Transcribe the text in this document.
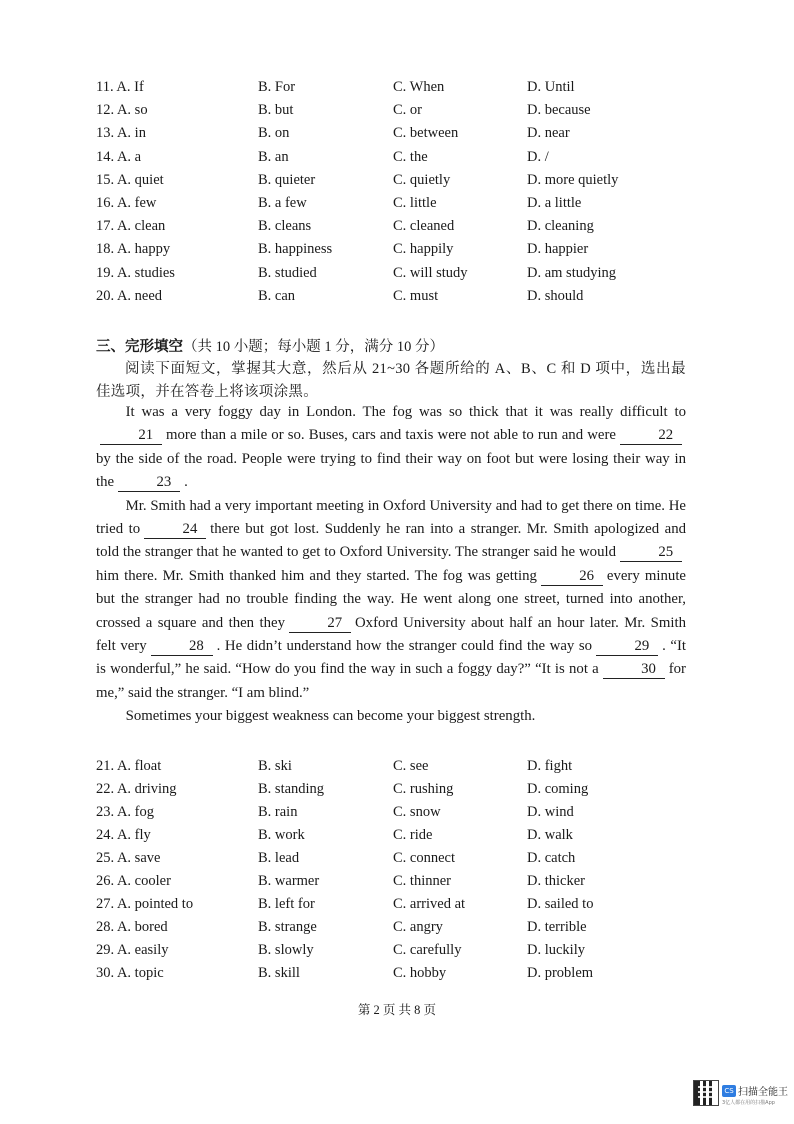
11. A. If	B. For	C. When	D. Until
12. A. so	B. but	C. or	D. because
13. A. in	B. on	C. between	D. near
14. A. a	B. an	C. the	D. /
15. A. quiet	B. quieter	C. quietly	D. more quietly
16. A. few	B. a few	C. little	D. a little
17. A. clean	B. cleans	C. cleaned	D. cleaning
18. A. happy	B. happiness	C. happily	D. happier
19. A. studies	B. studied	C. will study	D. am studying
20. A. need	B. can	C. must	D. should
三、完形填空（共 10 小题；每小题 1 分，满分 10 分）
阅读下面短文，掌握其大意，然后从 21~30 各题所给的 A、B、C 和 D 项中，选出最佳选项，并在答卷上将该项涂黑。

It was a very foggy day in London. The fog was so thick that it was really difficult to21 more than a mile or so. Buses, cars and taxis were not able to run and were	22by the side of the road. People were trying to find their way on foot but were losing their way in the	23 .

Mr. Smith had a very important meeting in Oxford University and had to get there on time. He tried to	24 there but got lost. Suddenly he ran into a stranger. Mr. Smith apologized and told the stranger that he wanted to get to Oxford University. The stranger said he would	25him there. Mr. Smith thanked him and they started. The fog was getting	26 every minute but the stranger had no trouble finding the way. He went along one street, turned into another, crossed a square and then they	27 Oxford University about half an hour later. Mr. Smith felt very	28 . He didn’t understand how the stranger could find the way so	29 . “It is wonderful,” he said. “How do you find the way in such a foggy day?” “It is not a	30 for me,” said the stranger. “I am blind.”

Sometimes your biggest weakness can become your biggest strength.

21. A. float	B. ski	C. see	D. fight
22. A. driving	B. standing	C. rushing	D. coming
23. A. fog	B. rain	C. snow	D. wind
24. A. fly	B. work	C. ride	D. walk
25. A. save	B. lead	C. connect	D. catch
26. A. cooler	B. warmer	C. thinner	D. thicker
27. A. pointed to	B. left for	C. arrived at	D. sailed to
28. A. bored	B. strange	C. angry	D. terrible
29. A. easily	B. slowly	C. carefully	D. luckily
30. A. topic	B. skill	C. hobby	D. problem
第 2 页 共 8 页
CS 扫描全能王
3亿人都在用的扫描App
